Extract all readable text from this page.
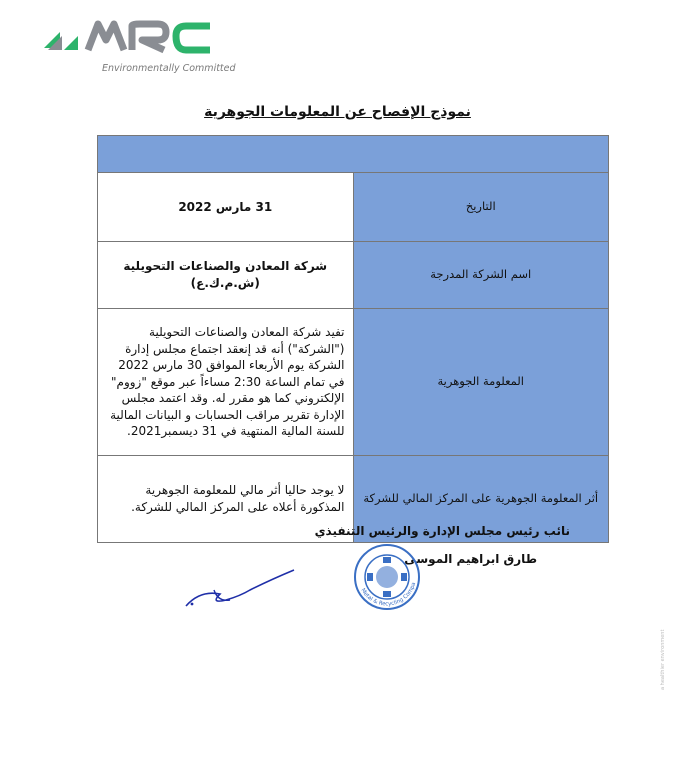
Environmentally Committed
نموذج الإفصاح عن المعلومات الجوهرية

التاريخ	31 مارس 2022
اسم الشركة المدرجة	شركة المعادن والصناعات التحويلية (ش.م.ك.ع)
المعلومة الجوهرية	تفيد شركة المعادن والصناعات التحويلية ("الشركة") أنه قد إنعقد اجتماع مجلس إدارة الشركة يوم الأربعاء الموافق 30 مارس 2022 في تمام الساعة 2:30 مساءاً عبر موقع "زووم" الإلكتروني كما هو مقرر له. وقد اعتمد مجلس الإدارة تقرير مراقب الحسابات و البيانات المالية للسنة المالية المنتهية في 31 ديسمبر2021.
أثر المعلومة الجوهرية على المركز المالي للشركة	لا يوجد حاليا أثر مالي للمعلومة الجوهرية المذكورة أعلاه على المركز المالي للشركة.
نائب رئيس مجلس الإدارة والرئيس التنفيذي
طارق ابراهيم الموسى
Metal & Recycling Compa
a healthier environment
